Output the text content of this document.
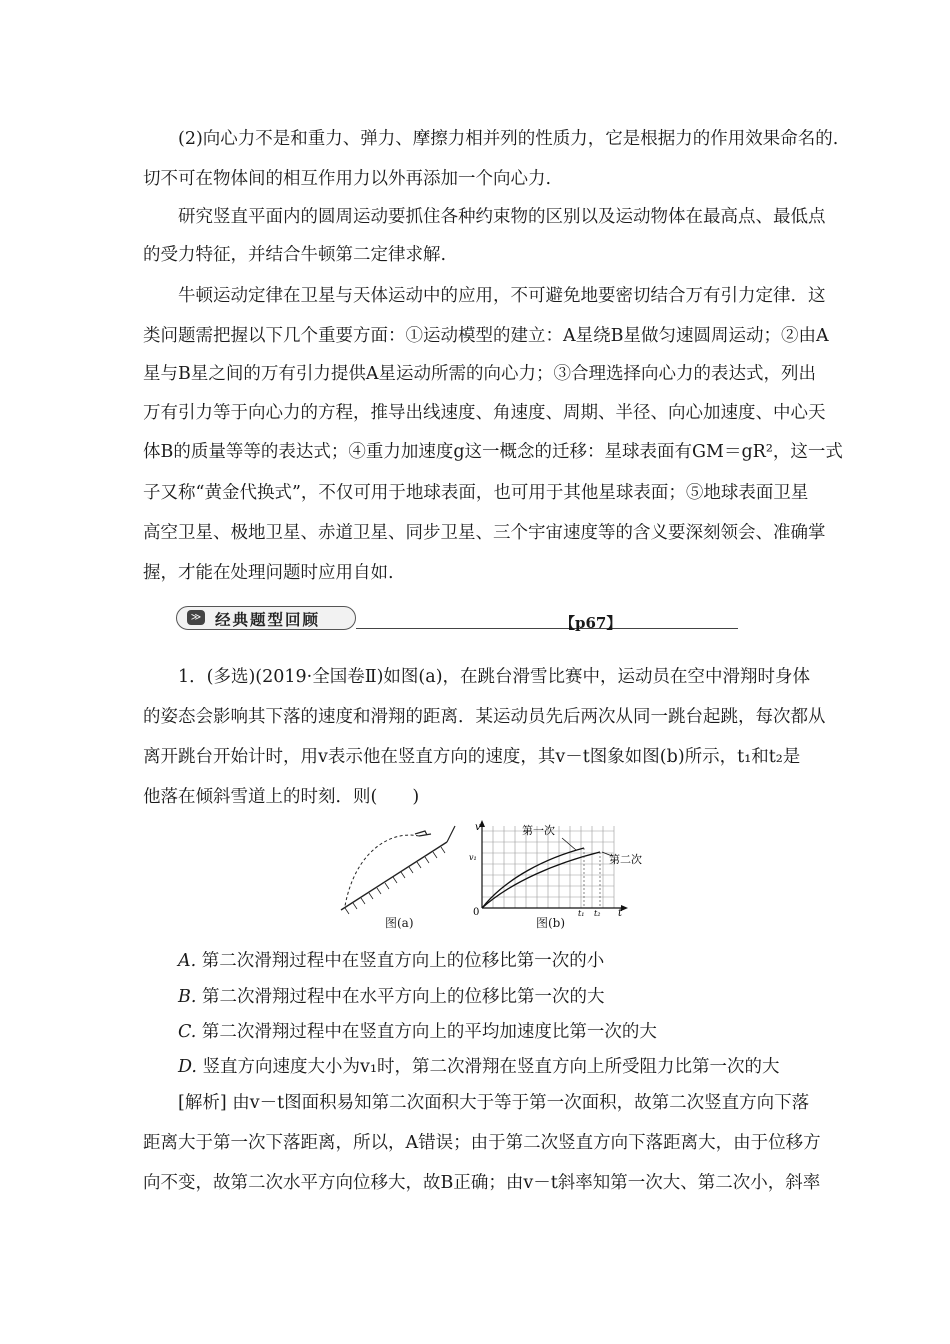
(2)向心力不是和重力、弹力、摩擦力相并列的性质力，它是根据力的作用效果命名的.
切不可在物体间的相互作用力以外再添加一个向心力.
研究竖直平面内的圆周运动要抓住各种约束物的区别以及运动物体在最高点、最低点
的受力特征，并结合牛顿第二定律求解.
牛顿运动定律在卫星与天体运动中的应用，不可避免地要密切结合万有引力定律．这
类问题需把握以下几个重要方面：①运动模型的建立：A星绕B星做匀速圆周运动；②由A
星与B星之间的万有引力提供A星运动所需的向心力；③合理选择向心力的表达式，列出
万有引力等于向心力的方程，推导出线速度、角速度、周期、半径、向心加速度、中心天
体B的质量等等的表达式；④重力加速度g这一概念的迁移：星球表面有GM＝gR²，这一式
子又称“黄金代换式”，不仅可用于地球表面，也可用于其他星球表面；⑤地球表面卫星
高空卫星、极地卫星、赤道卫星、同步卫星、三个宇宙速度等的含义要深刻领会、准确掌
握，才能在处理问题时应用自如.
≫ 经典题型回顾	【p67】
1．(多选)(2019·全国卷Ⅱ)如图(a)，在跳台滑雪比赛中，运动员在空中滑翔时身体
的姿态会影响其下落的速度和滑翔的距离．某运动员先后两次从同一跳台起跳，每次都从
离开跳台开始计时，用v表示他在竖直方向的速度，其v－t图象如图(b)所示，t₁和t₂是
他落在倾斜雪道上的时刻．则(　　)
图(a)
v
v₁
0	t₁ t₂ t
第一次
第二次
图(b)
A. 第二次滑翔过程中在竖直方向上的位移比第一次的小
B. 第二次滑翔过程中在水平方向上的位移比第一次的大
C. 第二次滑翔过程中在竖直方向上的平均加速度比第一次的大
D. 竖直方向速度大小为v₁时，第二次滑翔在竖直方向上所受阻力比第一次的大
[解析] 由v－t图面积易知第二次面积大于等于第一次面积，故第二次竖直方向下落
距离大于第一次下落距离，所以，A错误；由于第二次竖直方向下落距离大，由于位移方
向不变，故第二次水平方向位移大，故B正确；由v－t斜率知第一次大、第二次小，斜率
